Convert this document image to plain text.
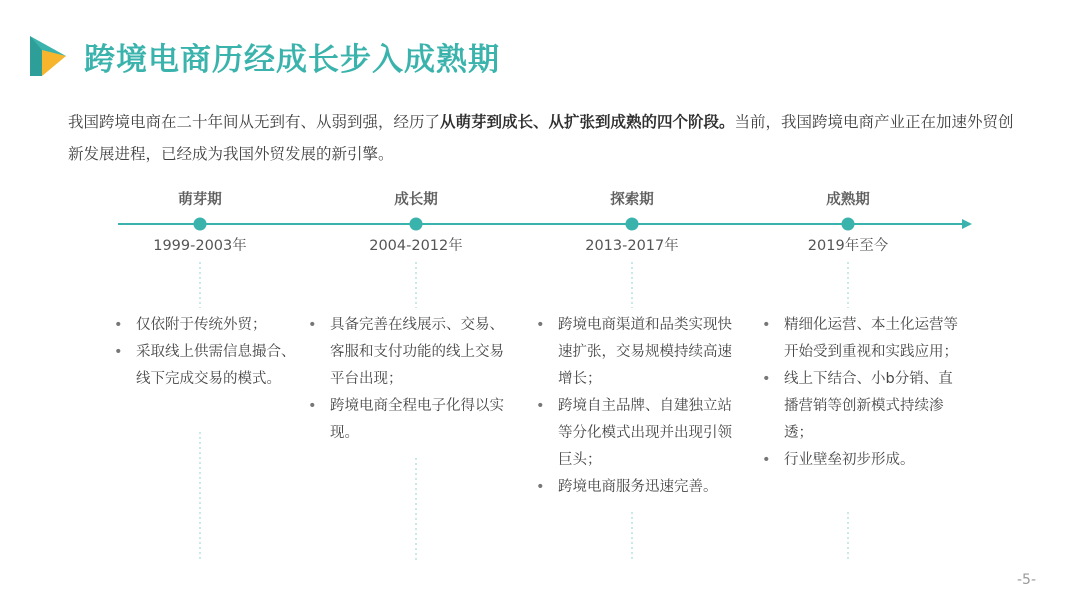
跨境电商历经成长步入成熟期
我国跨境电商在二十年间从无到有、从弱到强，经历了从萌芽到成长、从扩张到成熟的四个阶段。当前，我国跨境电商产业正在加速外贸创新发展进程，已经成为我国外贸发展的新引擎。
萌芽期
1999-2003年
• 仅依附于传统外贸；
• 采取线上供需信息撮合、线下完成交易的模式。
成长期
2004-2012年
• 具备完善在线展示、交易、客服和支付功能的线上交易平台出现；
• 跨境电商全程电子化得以实现。
探索期
2013-2017年
• 跨境电商渠道和品类实现快速扩张，交易规模持续高速增长；
• 跨境自主品牌、自建独立站等分化模式出现并出现引领巨头；
• 跨境电商服务迅速完善。
成熟期
2019年至今
• 精细化运营、本土化运营等开始受到重视和实践应用；
• 线上下结合、小b分销、直播营销等创新模式持续渗透；
• 行业壁垒初步形成。
-5-
